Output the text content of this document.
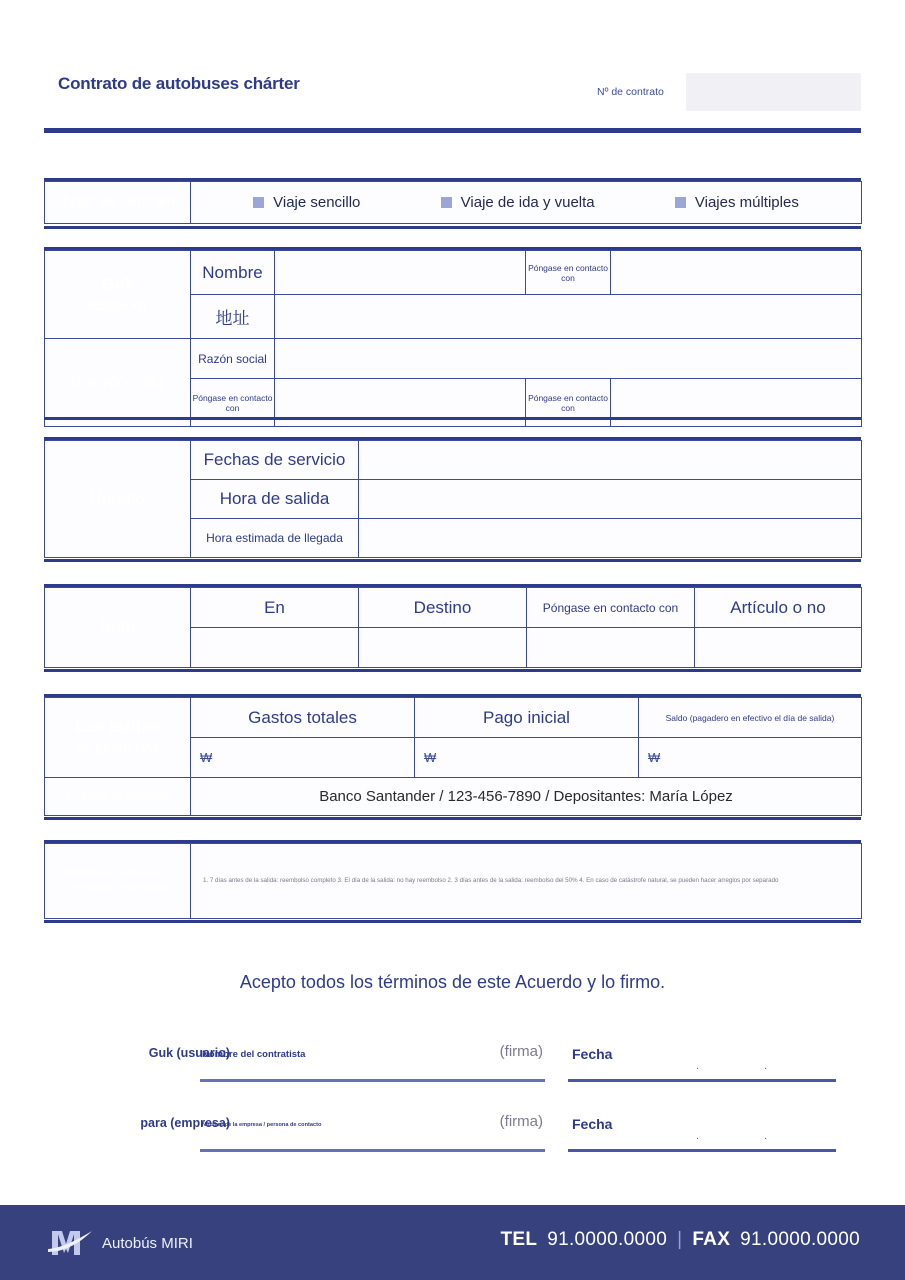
Contrato de autobuses chárter	Nº de contrato
Tipos de contrato	Viaje sencillo	Viaje de ida y vuelta	Viajes múltiples
Guk
(usuario)	Nombre		Póngase en contacto con	
	地址			

(transportista)	Razón social			
	Póngase en contacto con		Póngase en contacto con	
Horario	Fechas de servicio	
	Hora de salida	
	Hora estimada de llegada	
Ruta	En	Destino	Póngase en contacto con	Artículo o no

Las tarifas
incluyen IVA	Gastos totales	Pago inicial	Saldo (pagadero en efectivo el día de salida)

	₩	₩	₩

Cuentas de depósito	Banco Santander / 123-456-7890 / Depositantes: María López		
Política de cancelación y
reembolso de contratos

1. 7 días antes de la salida: reembolso completo 3. El día de la salida: no hay reembolso 2. 3 días antes de la salida: reembolso del 50% 4. En caso de catástrofe natural, se pueden hacer arreglos por separado
Acepto todos los términos de este Acuerdo y lo firmo.
Guk (usuario)
Nombre del contratista	(firma) Fecha
.	.
para (empresa)
Nombre de la empresa / persona de contacto	(firma) Fecha
.	.
Autobús MIRI	TEL 91.0000.0000 | FAX 91.0000.0000
